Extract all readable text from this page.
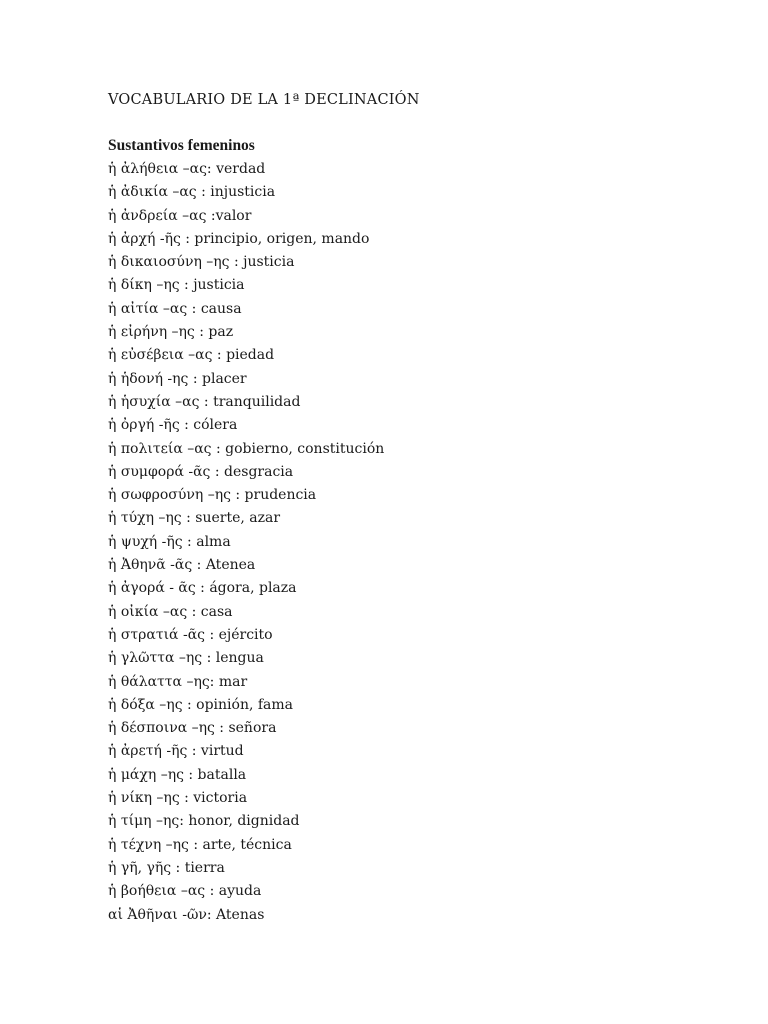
VOCABULARIO DE LA 1ª DECLINACIÓN
Sustantivos femeninos
ἡ ἀλήθεια –ας: verdad
ἡ ἀδικία –ας : injusticia
ἡ ἀνδρεία –ας :valor
ἡ ἀρχή -ῆς : principio, origen, mando
ἡ δικαιοσύνη –ης : justicia
ἡ δίκη –ης : justicia
ἡ αἰτία –ας : causa
ἡ εἰρήνη –ης : paz
ἡ εὐσέβεια –ας : piedad
ἡ ἡδονή -ης : placer
ἡ ἡσυχία –ας : tranquilidad
ἡ ὀργή -ῆς : cólera
ἡ πολιτεία –ας : gobierno, constitución
ἡ συμφορά -ᾶς : desgracia
ἡ σωφροσύνη –ης : prudencia
ἡ τύχη –ης : suerte, azar
ἡ ψυχή -ῆς : alma
ἡ Ἀθηνᾶ -ᾶς : Atenea
ἡ ἀγορά - ᾶς : ágora, plaza
ἡ οἰκία –ας : casa
ἡ στρατιά -ᾶς : ejército
ἡ γλῶττα –ης : lengua
ἡ θάλαττα –ης: mar
ἡ δόξα –ης : opinión, fama
ἡ δέσποινα –ης : señora
ἡ ἀρετή -ῆς : virtud
ἡ μάχη –ης : batalla
ἡ νίκη –ης : victoria
ἡ τίμη –ης: honor, dignidad
ἡ τέχνη –ης : arte, técnica
ἡ γῆ, γῆς : tierra
ἡ βοήθεια –ας : ayuda
αἱ Ἀθῆναι -ῶν: Atenas
